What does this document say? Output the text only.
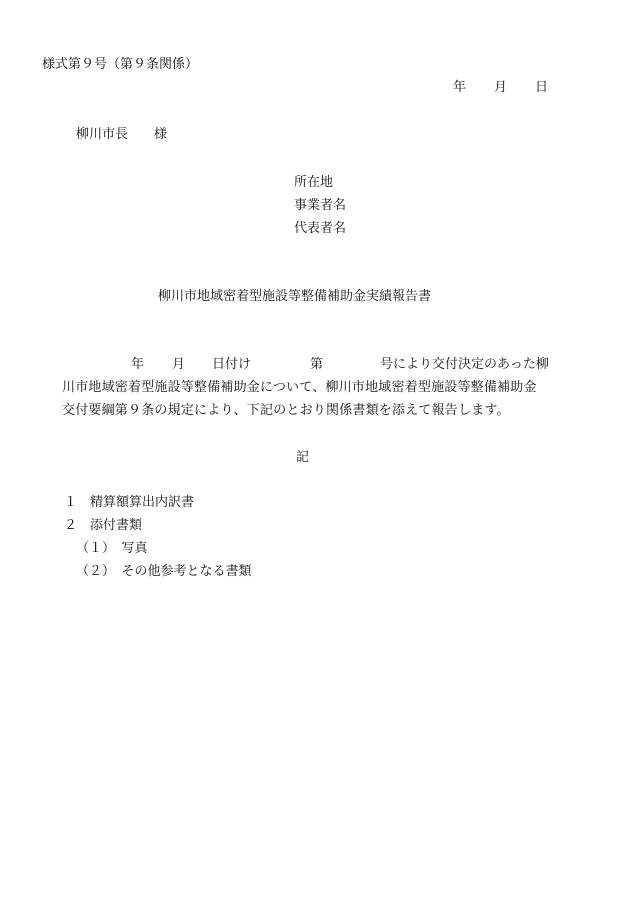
様式第９号（第９条関係）
年 月 日
柳川市長　　様
所在地
事業者名
代表者名
柳川市地域密着型施設等整備補助金実績報告書
年 月 日付け	第	号により交付決定のあった柳
川市地域密着型施設等整備補助金について、柳川市地域密着型施設等整備補助金
交付要綱第９条の規定により、下記のとおり関係書類を添えて報告します。
記
１　精算額算出内訳書
２　添付書類
（１）　写真
（２）　その他参考となる書類
